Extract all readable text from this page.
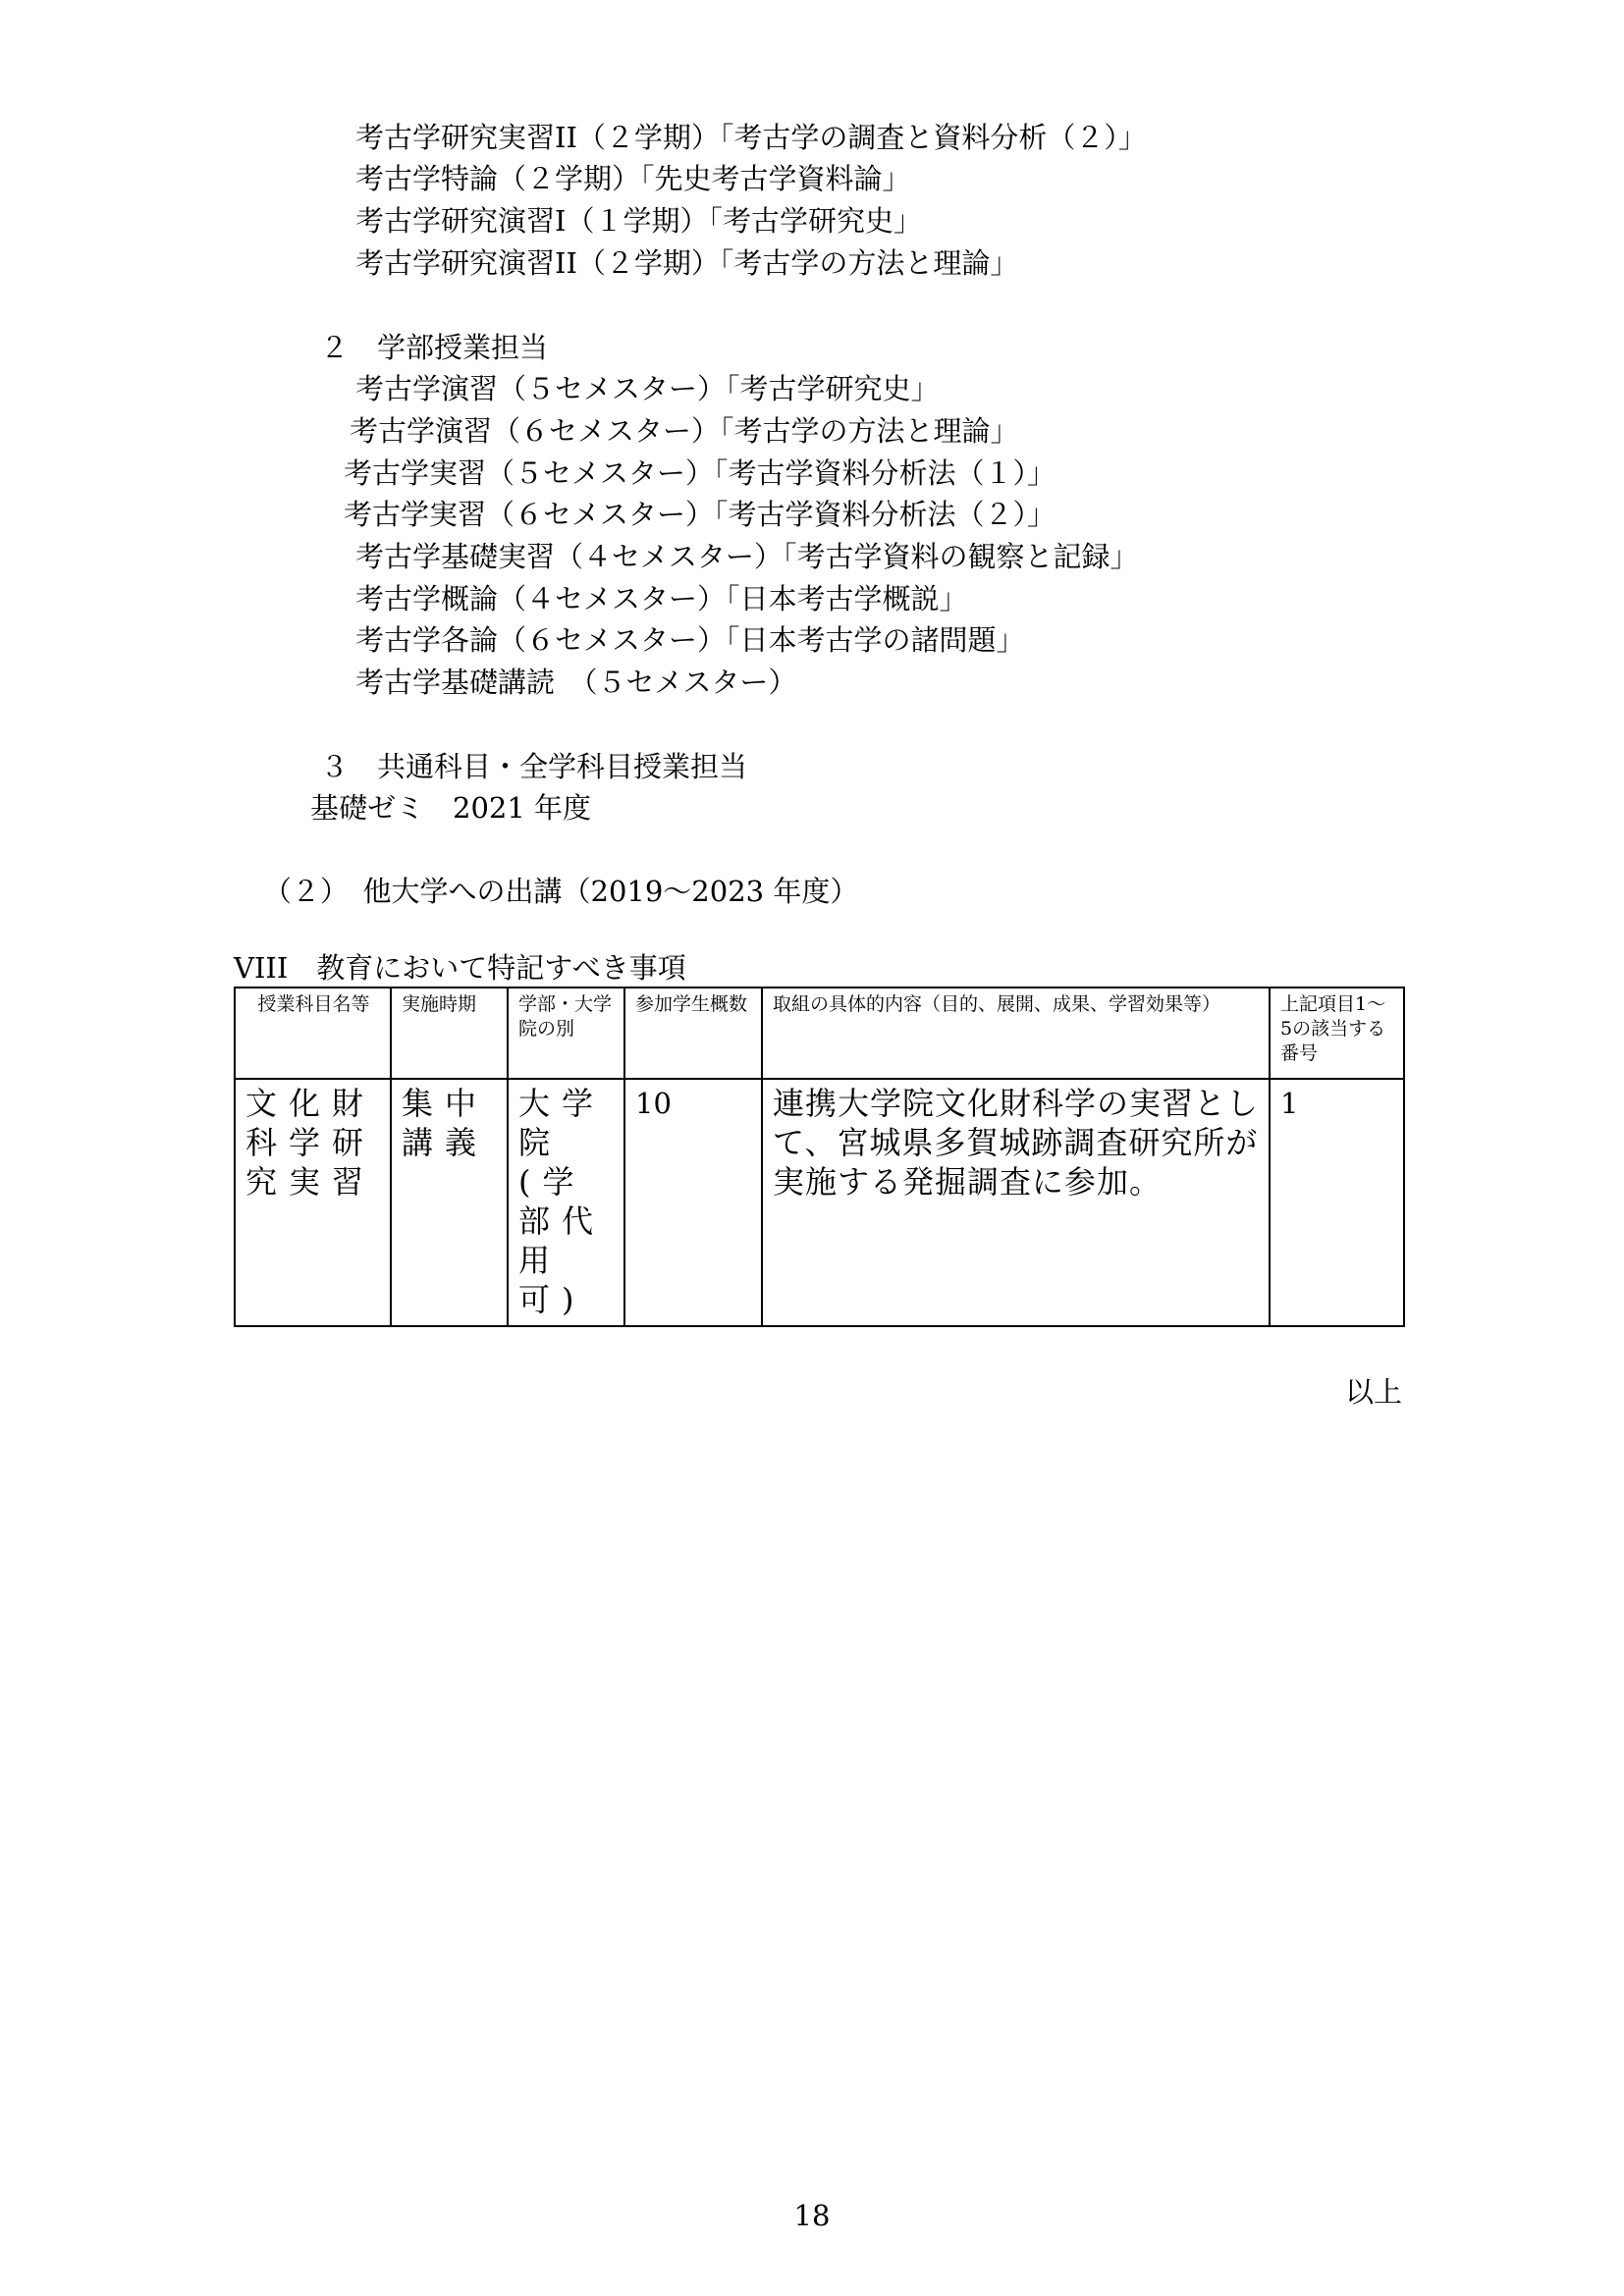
考古学研究実習II（２学期）「考古学の調査と資料分析（２）」
考古学特論（２学期）「先史考古学資料論」
考古学研究演習I（１学期）「考古学研究史」
考古学研究演習II（２学期）「考古学の方法と理論」
２　学部授業担当
考古学演習（５セメスター）「考古学研究史」
考古学演習（６セメスター）「考古学の方法と理論」
考古学実習（５セメスター）「考古学資料分析法（１）」
考古学実習（６セメスター）「考古学資料分析法（２）」
考古学基礎実習（４セメスター）「考古学資料の観察と記録」
考古学概論（４セメスター）「日本考古学概説」
考古学各論（６セメスター）「日本考古学の諸問題」
考古学基礎講読　（５セメスター）
３　共通科目・全学科目授業担当
基礎ゼミ　2021 年度
（２）　他大学への出講（2019～2023 年度）
VIII　教育において特記すべき事項
授業科目名等	実施時期	学部・大学院の別	参加学生概数	取組の具体的内容（目的、展開、成果、学習効果等）	上記項目1～5の該当する番号
文化財科学研究実習	集中講義	大学院(学部代用可)	10	連携大学院文化財科学の実習として、宮城県多賀城跡調査研究所が実施する発掘調査に参加。	1
以上
18
